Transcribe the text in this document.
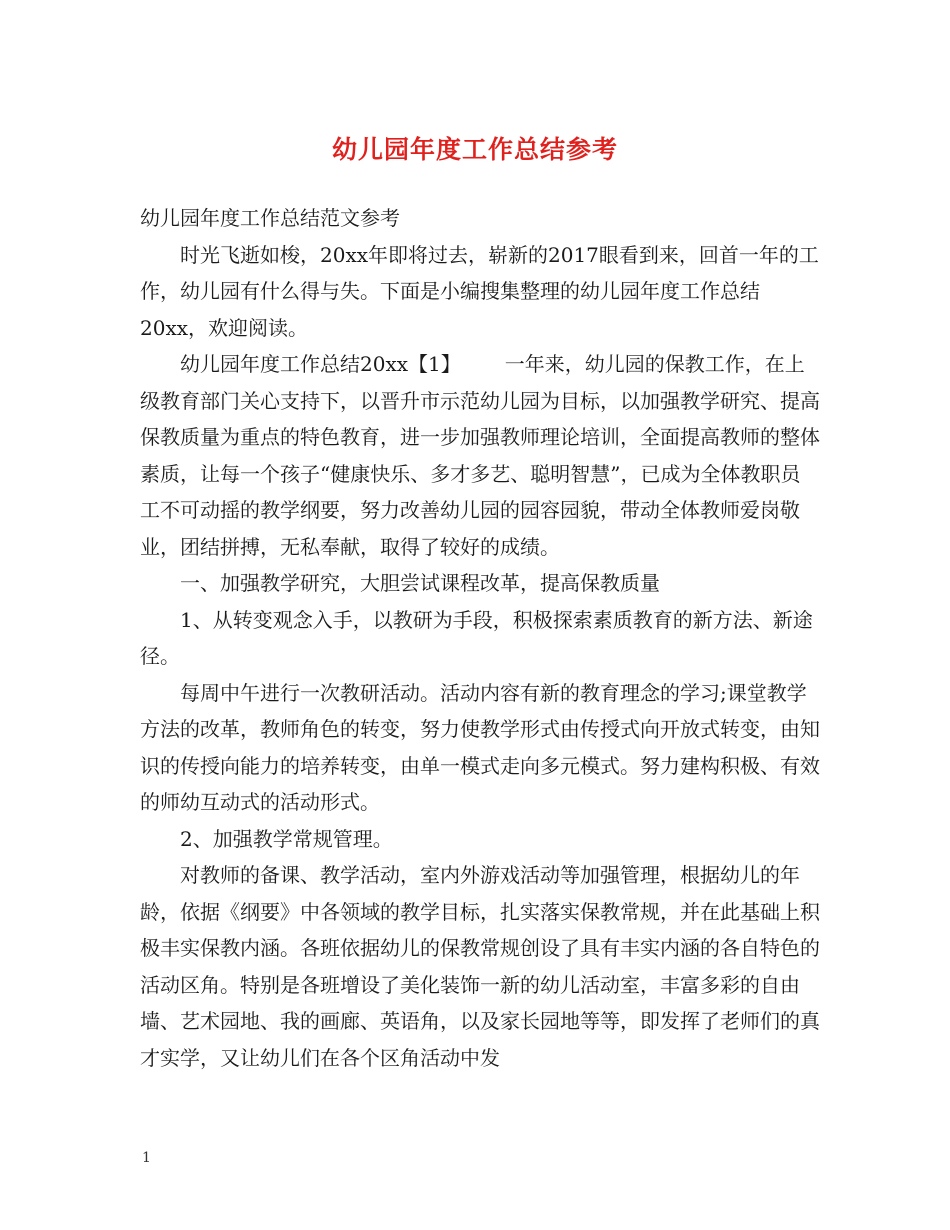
幼儿园年度工作总结参考

幼儿园年度工作总结范文参考

时光飞逝如梭，20xx年即将过去，崭新的2017眼看到来，回首一年的工作，幼儿园有什么得与失。下面是小编搜集整理的幼儿园年度工作总结20xx，欢迎阅读。

幼儿园年度工作总结20xx【1】 一年来，幼儿园的保教工作，在上级教育部门关心支持下，以晋升市示范幼儿园为目标，以加强教学研究、提高保教质量为重点的特色教育，进一步加强教师理论培训，全面提高教师的整体素质，让每一个孩子“健康快乐、多才多艺、聪明智慧”，已成为全体教职员工不可动摇的教学纲要，努力改善幼儿园的园容园貌，带动全体教师爱岗敬业，团结拼搏，无私奉献，取得了较好的成绩。

一、加强教学研究，大胆尝试课程改革，提高保教质量

1、从转变观念入手，以教研为手段，积极探索素质教育的新方法、新途径。

每周中午进行一次教研活动。活动内容有新的教育理念的学习;课堂教学方法的改革，教师角色的转变，努力使教学形式由传授式向开放式转变，由知识的传授向能力的培养转变，由单一模式走向多元模式。努力建构积极、有效的师幼互动式的活动形式。

2、加强教学常规管理。

对教师的备课、教学活动，室内外游戏活动等加强管理，根据幼儿的年龄，依据《纲要》中各领域的教学目标，扎实落实保教常规，并在此基础上积极丰实保教内涵。各班依据幼儿的保教常规创设了具有丰实内涵的各自特色的活动区角。特别是各班增设了美化装饰一新的幼儿活动室，丰富多彩的自由墙、艺术园地、我的画廊、英语角，以及家长园地等等，即发挥了老师们的真才实学，又让幼儿们在各个区角活动中发

1
